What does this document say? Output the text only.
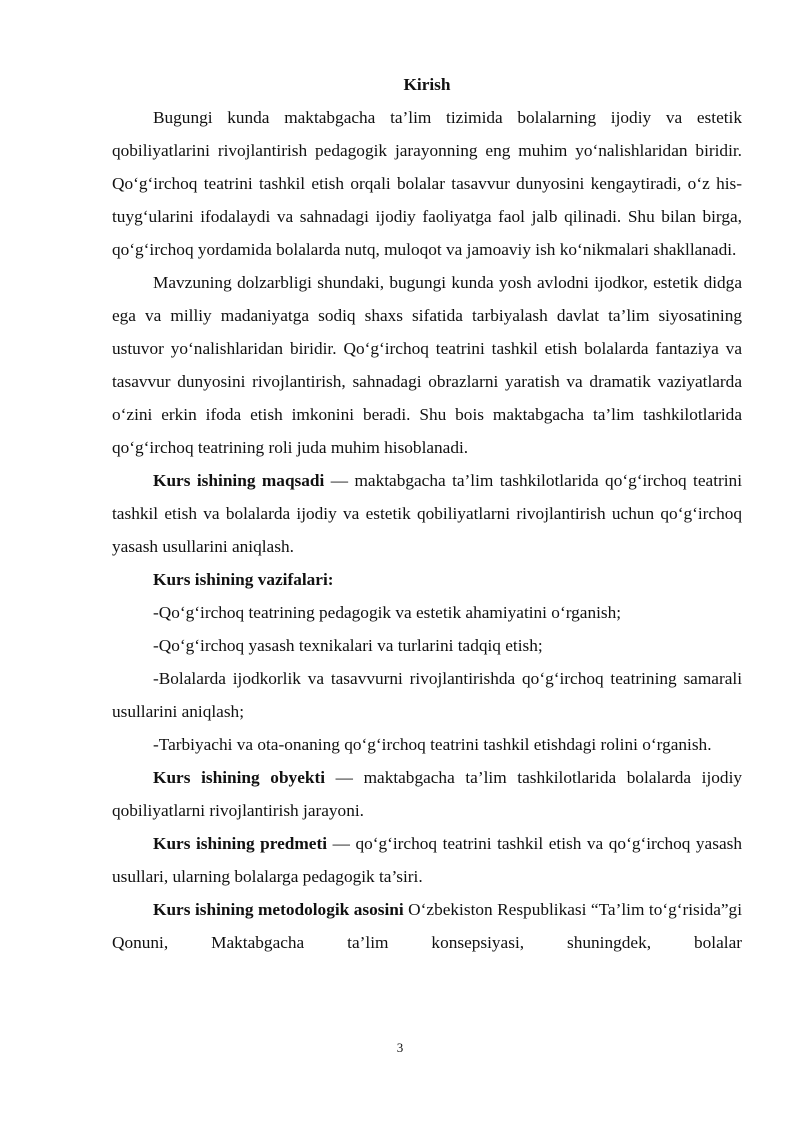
Kirish

Bugungi kunda maktabgacha ta’lim tizimida bolalarning ijodiy va estetik qobiliyatlarini rivojlantirish pedagogik jarayonning eng muhim yo‘nalishlaridan biridir. Qo‘g‘irchoq teatrini tashkil etish orqali bolalar tasavvur dunyosini kengaytiradi, o‘z his-tuyg‘ularini ifodalaydi va sahnadagi ijodiy faoliyatga faol jalb qilinadi. Shu bilan birga, qo‘g‘irchoq yordamida bolalarda nutq, muloqot va jamoaviy ish ko‘nikmalari shakllanadi.

Mavzuning dolzarbligi shundaki, bugungi kunda yosh avlodni ijodkor, estetik didga ega va milliy madaniyatga sodiq shaxs sifatida tarbiyalash davlat ta’lim siyosatining ustuvor yo‘nalishlaridan biridir. Qo‘g‘irchoq teatrini tashkil etish bolalarda fantaziya va tasavvur dunyosini rivojlantirish, sahnadagi obrazlarni yaratish va dramatik vaziyatlarda o‘zini erkin ifoda etish imkonini beradi. Shu bois maktabgacha ta’lim tashkilotlarida qo‘g‘irchoq teatrining roli juda muhim hisoblanadi.

Kurs ishining maqsadi — maktabgacha ta’lim tashkilotlarida qo‘g‘irchoq teatrini tashkil etish va bolalarda ijodiy va estetik qobiliyatlarni rivojlantirish uchun qo‘g‘irchoq yasash usullarini aniqlash.

Kurs ishining vazifalari:

-Qo‘g‘irchoq teatrining pedagogik va estetik ahamiyatini o‘rganish;

-Qo‘g‘irchoq yasash texnikalari va turlarini tadqiq etish;

-Bolalarda ijodkorlik va tasavvurni rivojlantirishda qo‘g‘irchoq teatrining samarali usullarini aniqlash;

-Tarbiyachi va ota-onaning qo‘g‘irchoq teatrini tashkil etishdagi rolini o‘rganish.

Kurs ishining obyekti — maktabgacha ta’lim tashkilotlarida bolalarda ijodiy qobiliyatlarni rivojlantirish jarayoni.

Kurs ishining predmeti — qo‘g‘irchoq teatrini tashkil etish va qo‘g‘irchoq yasash usullari, ularning bolalarga pedagogik ta’siri.

Kurs ishining metodologik asosini O‘zbekiston Respublikasi “Ta’lim to‘g‘risida”gi Qonuni, Maktabgacha ta’lim konsepsiyasi, shuningdek, bolalar

3
